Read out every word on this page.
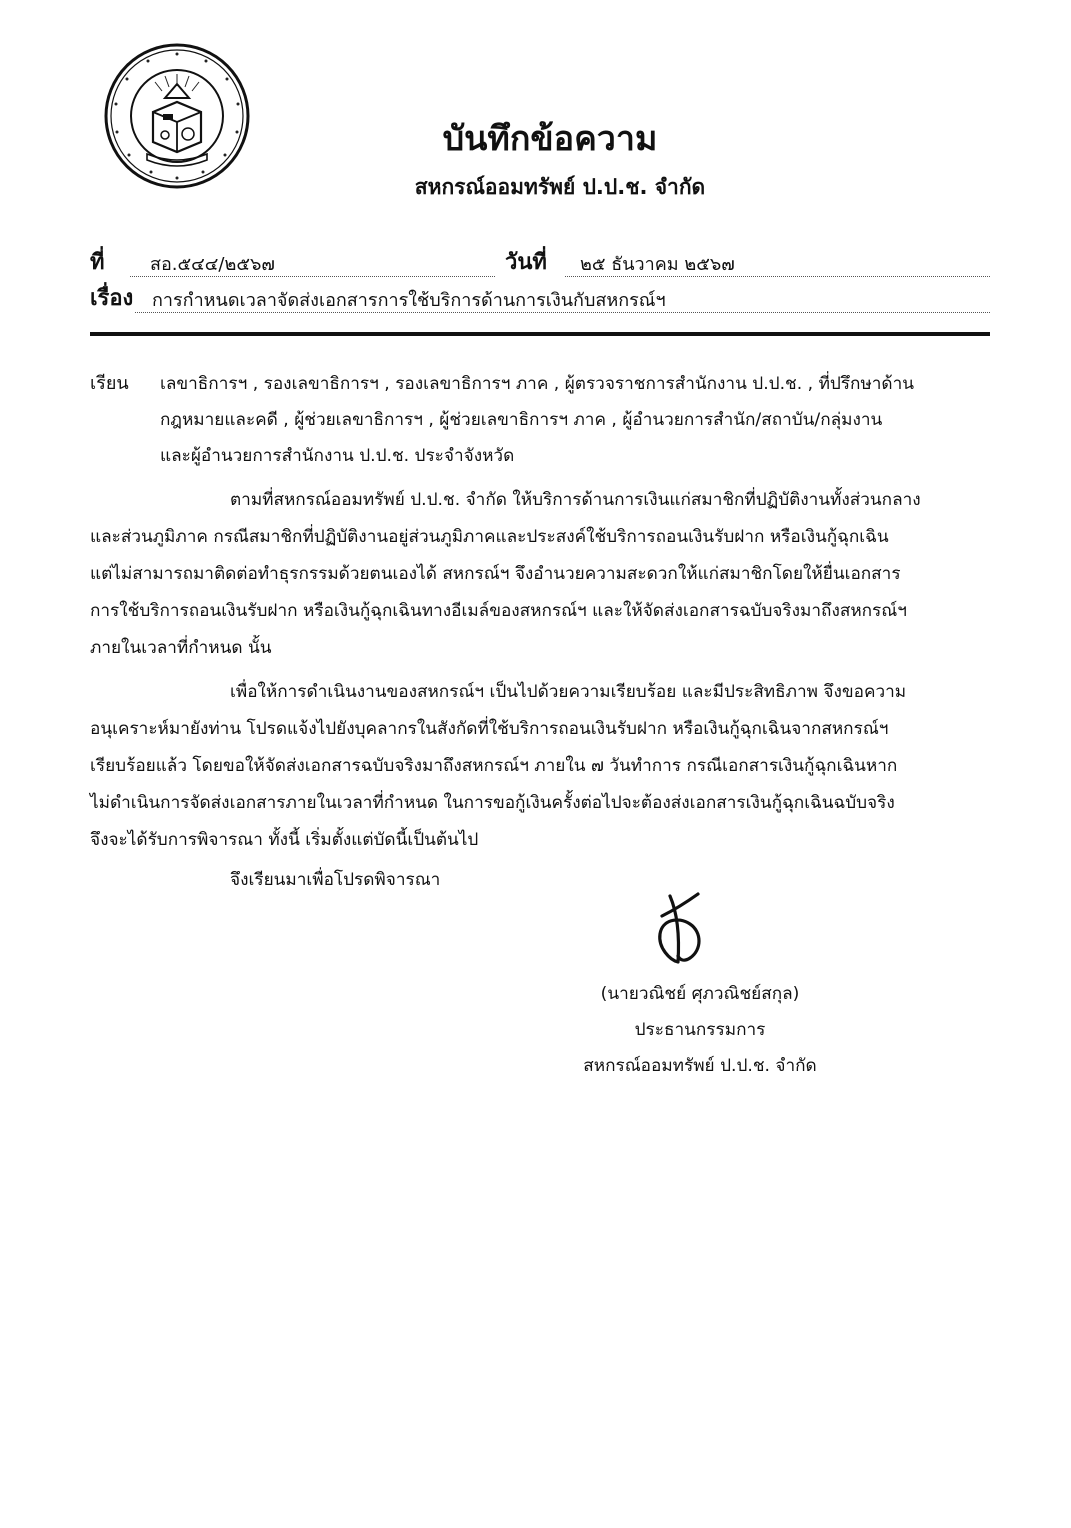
บันทึกข้อความ
สหกรณ์ออมทรัพย์ ป.ป.ช. จำกัด
ที่	สอ.๕๔๔/๒๕๖๗	วันที่ ๒๕ ธันวาคม ๒๕๖๗
เรื่อง การกำหนดเวลาจัดส่งเอกสารการใช้บริการด้านการเงินกับสหกรณ์ฯ
เรียน เลขาธิการฯ , รองเลขาธิการฯ , รองเลขาธิการฯ ภาค , ผู้ตรวจราชการสำนักงาน ป.ป.ช. , ที่ปรึกษาด้าน
กฎหมายและคดี , ผู้ช่วยเลขาธิการฯ , ผู้ช่วยเลขาธิการฯ ภาค , ผู้อำนวยการสำนัก/สถาบัน/กลุ่มงาน
และผู้อำนวยการสำนักงาน ป.ป.ช. ประจำจังหวัด
ตามที่สหกรณ์ออมทรัพย์ ป.ป.ช. จำกัด ให้บริการด้านการเงินแก่สมาชิกที่ปฏิบัติงานทั้งส่วนกลาง
และส่วนภูมิภาค กรณีสมาชิกที่ปฏิบัติงานอยู่ส่วนภูมิภาคและประสงค์ใช้บริการถอนเงินรับฝาก หรือเงินกู้ฉุกเฉิน
แต่ไม่สามารถมาติดต่อทำธุรกรรมด้วยตนเองได้ สหกรณ์ฯ จึงอำนวยความสะดวกให้แก่สมาชิกโดยให้ยื่นเอกสาร
การใช้บริการถอนเงินรับฝาก หรือเงินกู้ฉุกเฉินทางอีเมล์ของสหกรณ์ฯ และให้จัดส่งเอกสารฉบับจริงมาถึงสหกรณ์ฯ
ภายในเวลาที่กำหนด นั้น
เพื่อให้การดำเนินงานของสหกรณ์ฯ เป็นไปด้วยความเรียบร้อย และมีประสิทธิภาพ จึงขอความ
อนุเคราะห์มายังท่าน โปรดแจ้งไปยังบุคลากรในสังกัดที่ใช้บริการถอนเงินรับฝาก หรือเงินกู้ฉุกเฉินจากสหกรณ์ฯ
เรียบร้อยแล้ว โดยขอให้จัดส่งเอกสารฉบับจริงมาถึงสหกรณ์ฯ ภายใน ๗ วันทำการ กรณีเอกสารเงินกู้ฉุกเฉินหาก
ไม่ดำเนินการจัดส่งเอกสารภายในเวลาที่กำหนด ในการขอกู้เงินครั้งต่อไปจะต้องส่งเอกสารเงินกู้ฉุกเฉินฉบับจริง
จึงจะได้รับการพิจารณา ทั้งนี้ เริ่มตั้งแต่บัดนี้เป็นต้นไป
จึงเรียนมาเพื่อโปรดพิจารณา
(นายวณิชย์ ศุภวณิชย์สกุล)
ประธานกรรมการ
สหกรณ์ออมทรัพย์ ป.ป.ช. จำกัด
